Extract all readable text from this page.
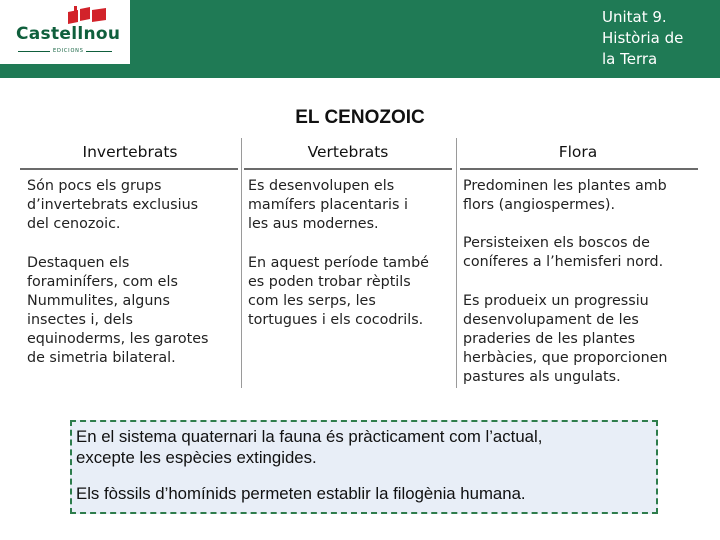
Castellnou
EDICIONS
Unitat 9.
Història de
la Terra
EL CENOZOIC
Invertebrats	Vertebrats	Flora
Són pocs els grups
d’invertebrats exclusius
del cenozoic.
Destaquen els
foraminífers, com els
Nummulites, alguns
insectes i, dels
equinoderms, les garotes
de simetria bilateral.
Es desenvolupen els
mamífers placentaris i
les aus modernes.
En aquest període també
es poden trobar rèptils
com les serps, les
tortugues i els cocodrils.
Predominen les plantes amb
flors (angiospermes).
Persisteixen els boscos de
coníferes a l’hemisferi nord.
Es produeix un progressiu
desenvolupament de les
praderies de les plantes
herbàcies, que proporcionen
pastures als ungulats.
En el sistema quaternari la fauna és pràcticament com l’actual,
excepte les espècies extingides.
Els fòssils d’homínids permeten establir la filogènia humana.
